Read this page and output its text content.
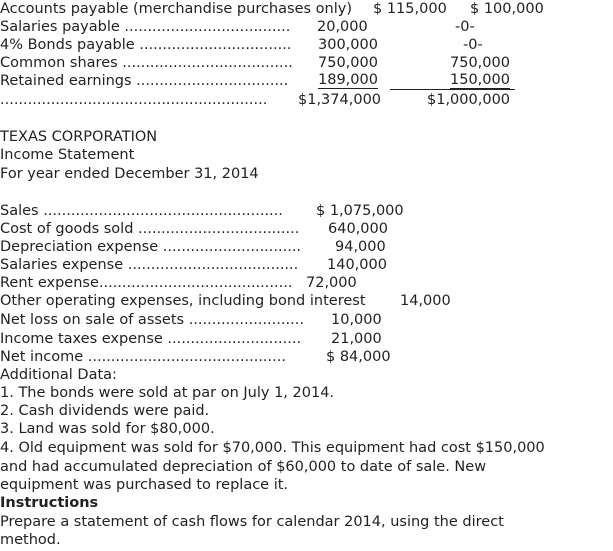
Accounts payable (merchandise purchases only) $ 115,000 $ 100,000
Salaries payable .................................... 20,000	-0-
4% Bonds payable ................................. 300,000	-0-
Common shares ..................................... 750,000	750,000
Retained earnings ................................. 189,000	150,000
.......................................................... $1,374,000	$1,000,000
TEXAS CORPORATION
Income Statement
For year ended December 31, 2014
Sales .................................................... $ 1,075,000
Cost of goods sold ................................... 640,000
Depreciation expense .............................. 94,000
Salaries expense ..................................... 140,000
Rent expense.......................................... 72,000
Other operating expenses, including bond interest 14,000
Net loss on sale of assets ......................... 10,000
Income taxes expense ............................. 21,000
Net income ...........................................	$ 84,000
Additional Data:
1. The bonds were sold at par on July 1, 2014.
2. Cash dividends were paid.
3. Land was sold for $80,000.
4. Old equipment was sold for $70,000. This equipment had cost $150,000
and had accumulated depreciation of $60,000 to date of sale. New
equipment was purchased to replace it.
Instructions
Prepare a statement of cash flows for calendar 2014, using the direct
method.
